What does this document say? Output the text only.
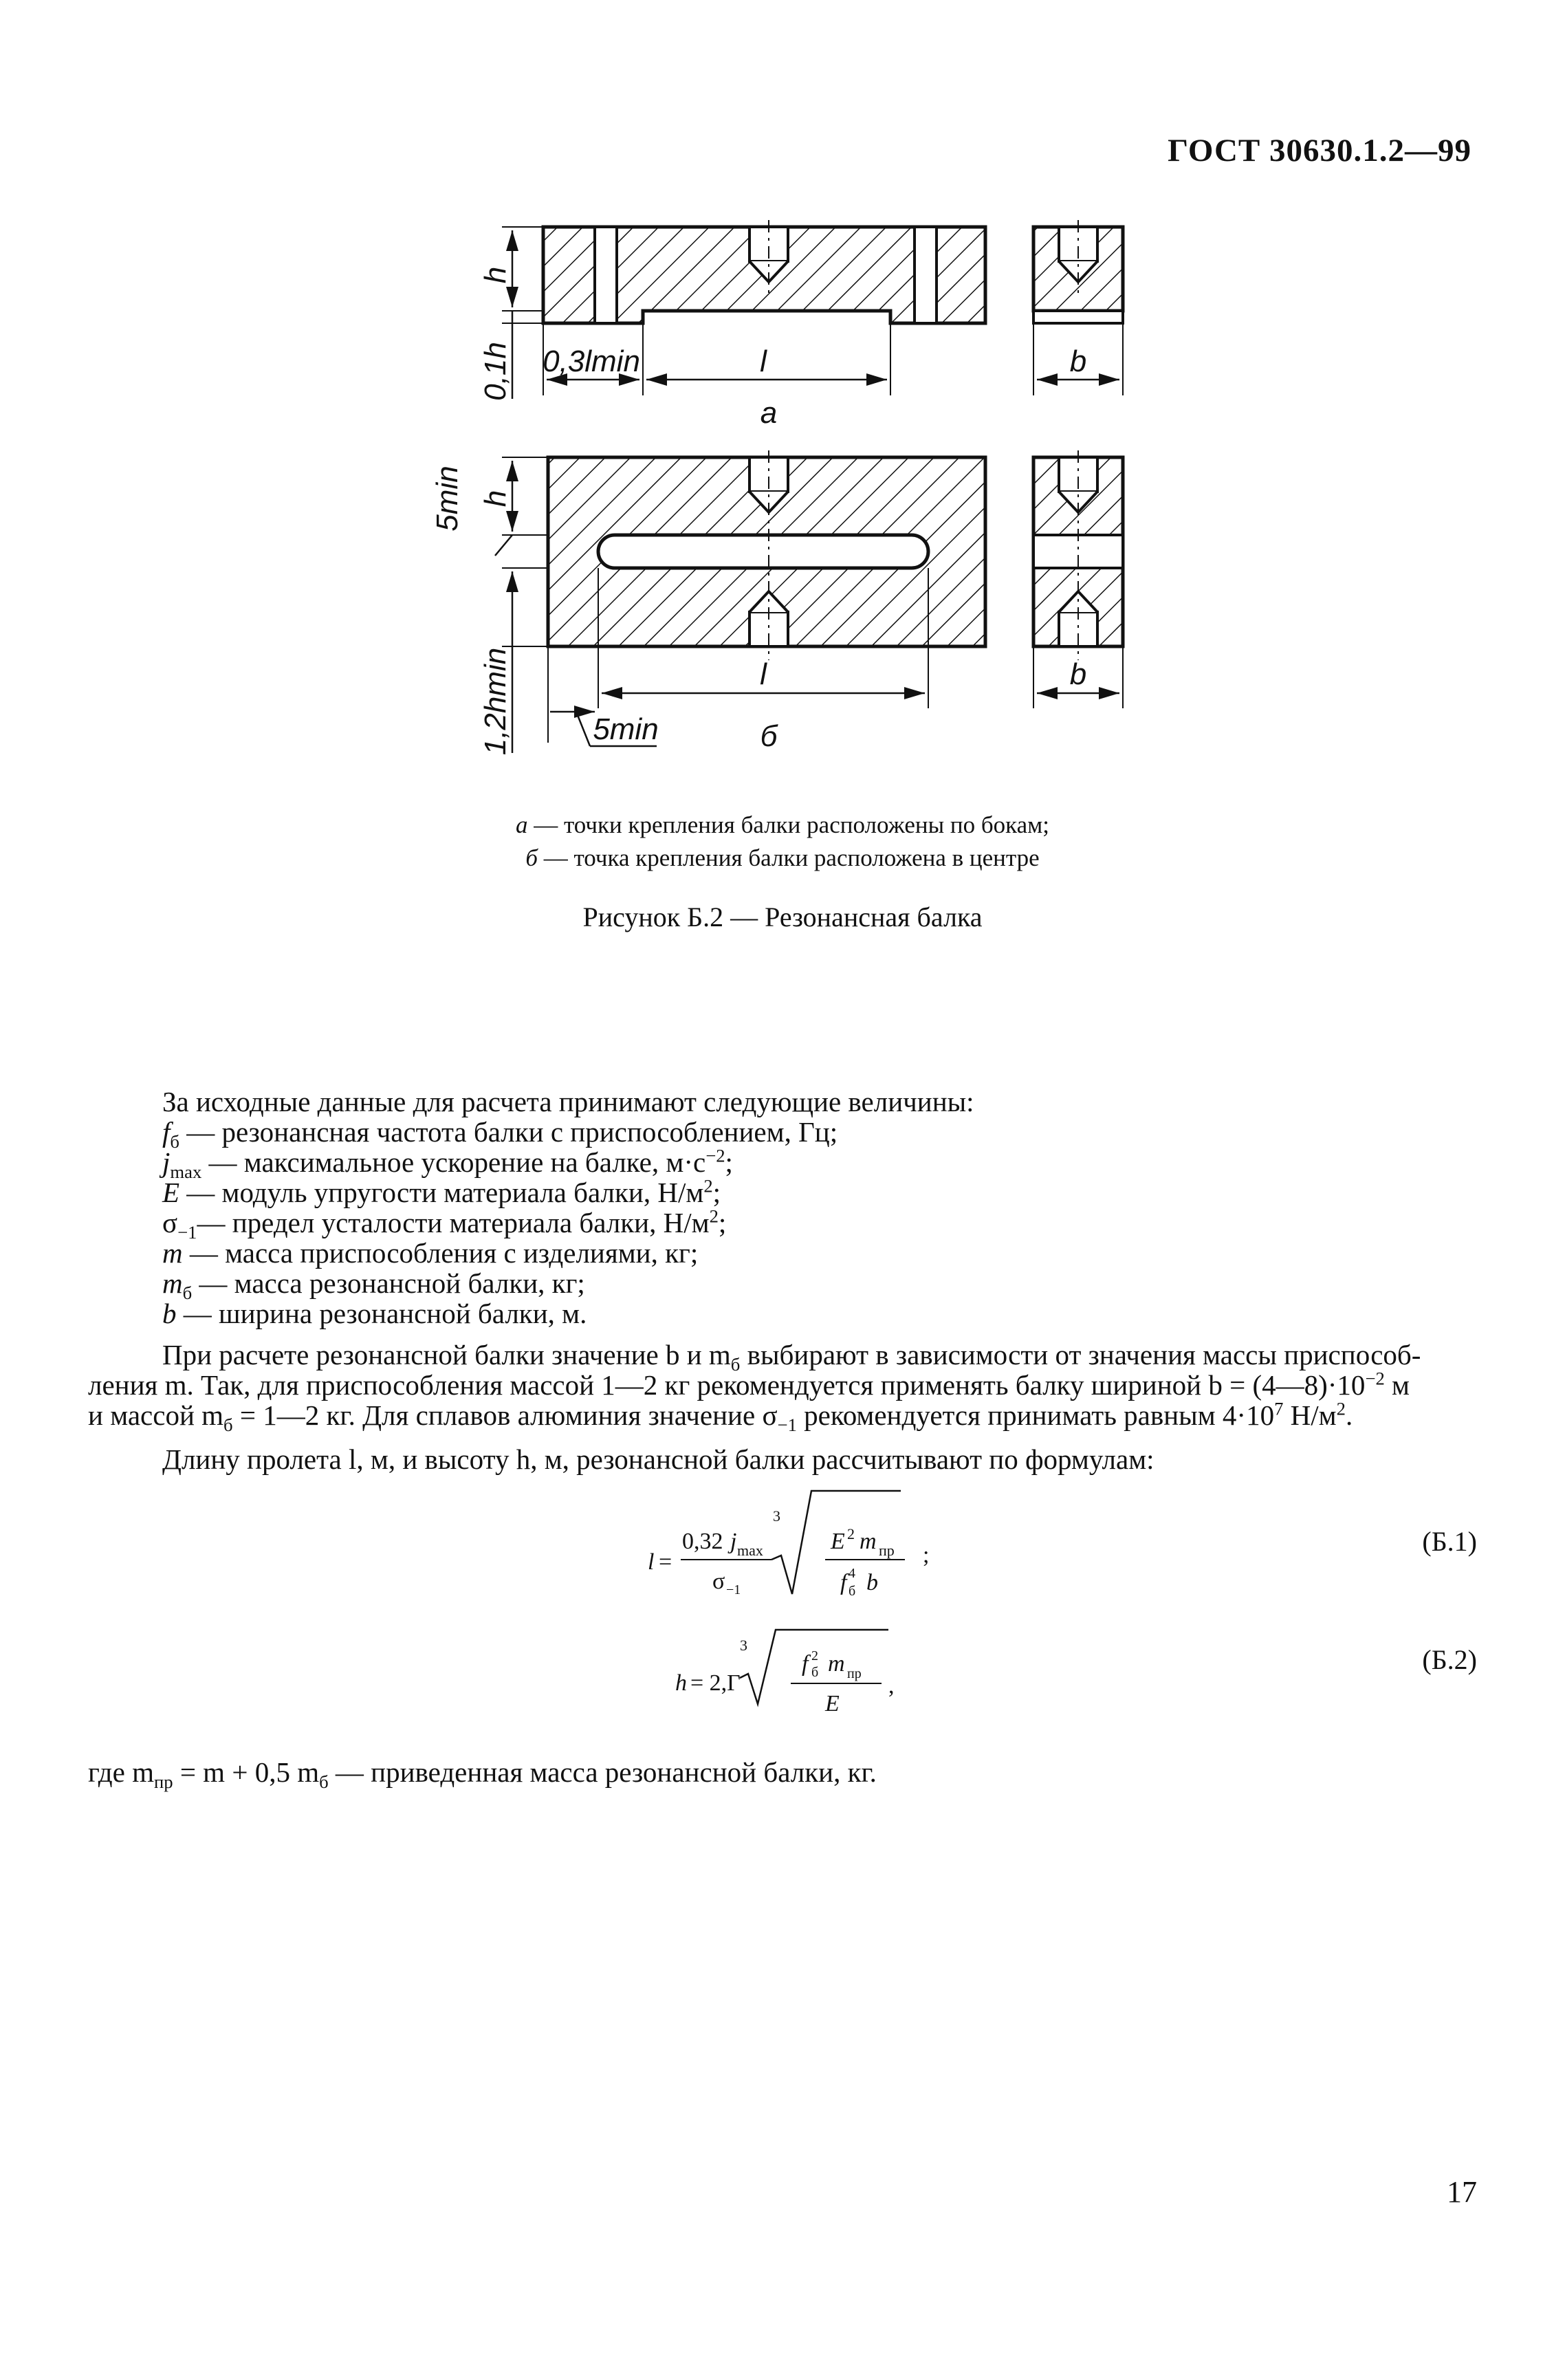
ГОСТ 30630.1.2—99
h
0,1h 0,3lmin	l
а
b
h
5min
1,2hmin	l
5min	б
b
а — точки крепления балки расположены по бокам;
б — точка крепления балки расположена в центре
Рисунок Б.2 — Резонансная балка

За исходные данные для расчета принимают следующие величины:

$f_б$ — резонансная частота балки с приспособлением, Гц;

$j_{max}$ — максимальное ускорение на балке, $м\cdot с^{-2}$;

E — модуль упругости материала балки, $Н/м^2$;

$\sigma_{-1}—$ предел усталости материала балки, $Н/м^2$;

m — масса приспособления с изделиями, кг;

$m_б$ — масса резонансной балки, кг;

b — ширина резонансной балки, м.

При расчете резонансной балки значение b и $m_б$ выбирают в зависимости от значения массы приспособ-

ления m. Так, для приспособления массой 1—2 кг рекомендуется применять балку шириной $b = (4—8)\cdot 10^{-2}$ м

и массой $m_б$ = 1—2 кг. Для сплавов алюминия значение $\sigma_{-1}$ рекомендуется принимать равным $4\cdot 10^7$ $Н/м^2$.

Длину пролета l, м, и высоту h, м, резонансной балки рассчитывают по формулам:

l =
0,32 j max
σ −1
3
E 2 m пр
f 4
б b
;
h = 2,Г
3
f 2
б m пр
E
,
(Б.1)
(Б.2)

где $m_{пр} = m + 0,5$ $m_б$ — приведенная масса резонансной балки, кг.

17
